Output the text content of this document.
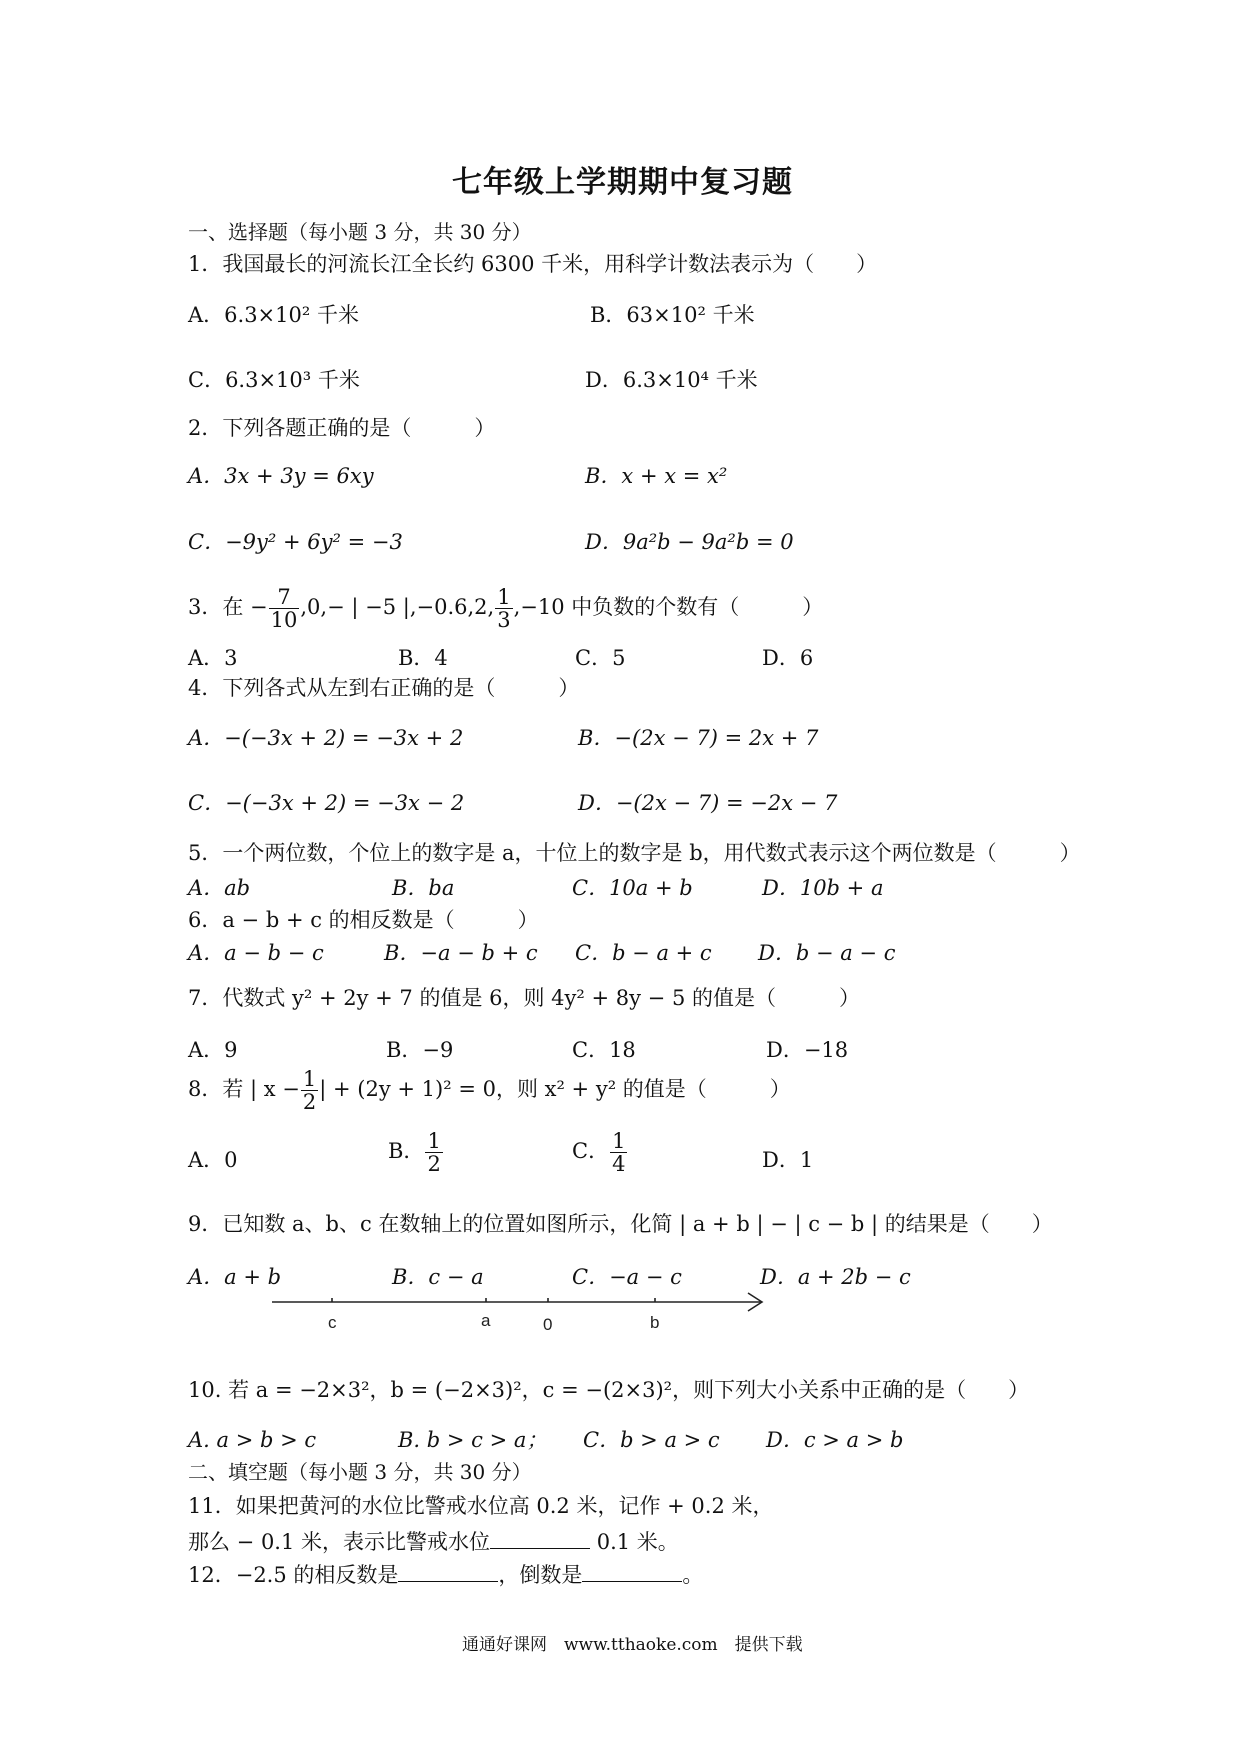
七年级上学期期中复习题
一、选择题（每小题 3 分，共 30 分）
1．我国最长的河流长江全长约 6300 千米，用科学计数法表示为（　　）
A．6.3×10² 千米	B．63×10² 千米
C．6.3×10³ 千米	D．6.3×10⁴ 千米
2．下列各题正确的是（　　　）
A．3x + 3y = 6xy	B．x + x = x²
C．−9y² + 6y² = −3	D．9a²b − 9a²b = 0
3．在 − $\frac{7}{10} ,0,-$ | −5 |,−0.6,2, $\frac{1}{3} ,-10$ 中负数的个数有（　　　）
A．3	B．4	C．5	D．6
4．下列各式从左到右正确的是（　　　）
A．−(−3x + 2) = −3x + 2	B．−(2x − 7) = 2x + 7
C．−(−3x + 2) = −3x − 2	D．−(2x − 7) = −2x − 7
5．一个两位数，个位上的数字是 a，十位上的数字是 b，用代数式表示这个两位数是（　　　）
A．ab	B．ba	C．10a + b	D．10b + a
6．a − b + c 的相反数是（　　　）
A．a − b − c	B．−a − b + c C．b − a + c D．b − a − c
7．代数式 y² + 2y + 7 的值是 6，则 4y² + 8y − 5 的值是（　　　）
A．9	B．−9	C．18	D．−18
8．若 | $x - \frac{1}{2}$ | + (2y + 1)² = 0，则 x² + y² 的值是（　　　）
A．0	B． $\frac{1}{2}$	C． $\frac{1}{4}$	D．1
9．已知数 a、b、c 在数轴上的位置如图所示，化简 | a + b | − | c − b | 的结果是（　　）
A．a + b	B．c − a	C．−a − c	D．a + 2b − c
c	a	0	b
10. 若 a = −2×3²，b = (−2×3)²，c = −(2×3)²，则下列大小关系中正确的是（　　）
A. a > b > c	B. b > c > a； C．b > a > c D．c > a > b
二、填空题（每小题 3 分，共 30 分）
11．如果把黄河的水位比警戒水位高 0.2 米，记作 + 0.2 米，
那么 − 0.1 米，表示比警戒水位	0.1 米。
12．−2.5 的相反数是	，倒数是	。
通通好课网　www.tthaoke.com　提供下载
